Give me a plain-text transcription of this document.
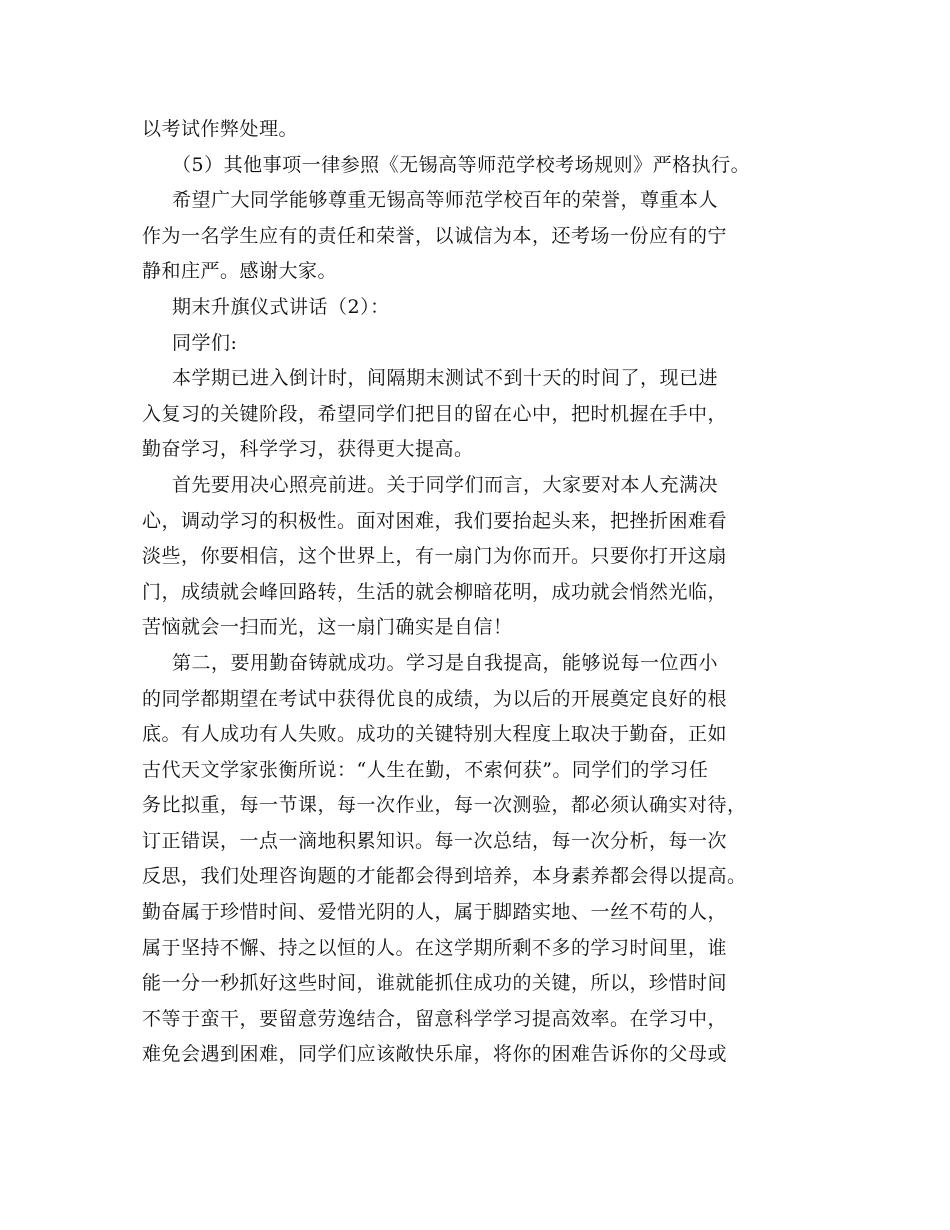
以考试作弊处理。
（5）其他事项一律参照《无锡高等师范学校考场规则》严格执行。
希望广大同学能够尊重无锡高等师范学校百年的荣誉，尊重本人
作为一名学生应有的责任和荣誉，以诚信为本，还考场一份应有的宁
静和庄严。感谢大家。
期末升旗仪式讲话（2）：
同学们:
本学期已进入倒计时，间隔期末测试不到十天的时间了，现已进
入复习的关键阶段，希望同学们把目的留在心中，把时机握在手中，
勤奋学习，科学学习，获得更大提高。
首先要用决心照亮前进。关于同学们而言，大家要对本人充满决
心，调动学习的积极性。面对困难，我们要抬起头来，把挫折困难看
淡些，你要相信，这个世界上，有一扇门为你而开。只要你打开这扇
门，成绩就会峰回路转，生活的就会柳暗花明，成功就会悄然光临，
苦恼就会一扫而光，这一扇门确实是自信！
第二，要用勤奋铸就成功。学习是自我提高，能够说每一位西小
的同学都期望在考试中获得优良的成绩，为以后的开展奠定良好的根
底。有人成功有人失败。成功的关键特别大程度上取决于勤奋，正如
古代天文学家张衡所说：“人生在勤，不索何获”。同学们的学习任
务比拟重，每一节课，每一次作业，每一次测验，都必须认确实对待，
订正错误，一点一滴地积累知识。每一次总结，每一次分析，每一次
反思，我们处理咨询题的才能都会得到培养，本身素养都会得以提高。
勤奋属于珍惜时间、爱惜光阴的人，属于脚踏实地、一丝不苟的人，
属于坚持不懈、持之以恒的人。在这学期所剩不多的学习时间里，谁
能一分一秒抓好这些时间，谁就能抓住成功的关键，所以，珍惜时间
不等于蛮干，要留意劳逸结合，留意科学学习提高效率。在学习中，
难免会遇到困难，同学们应该敞快乐扉，将你的困难告诉你的父母或
